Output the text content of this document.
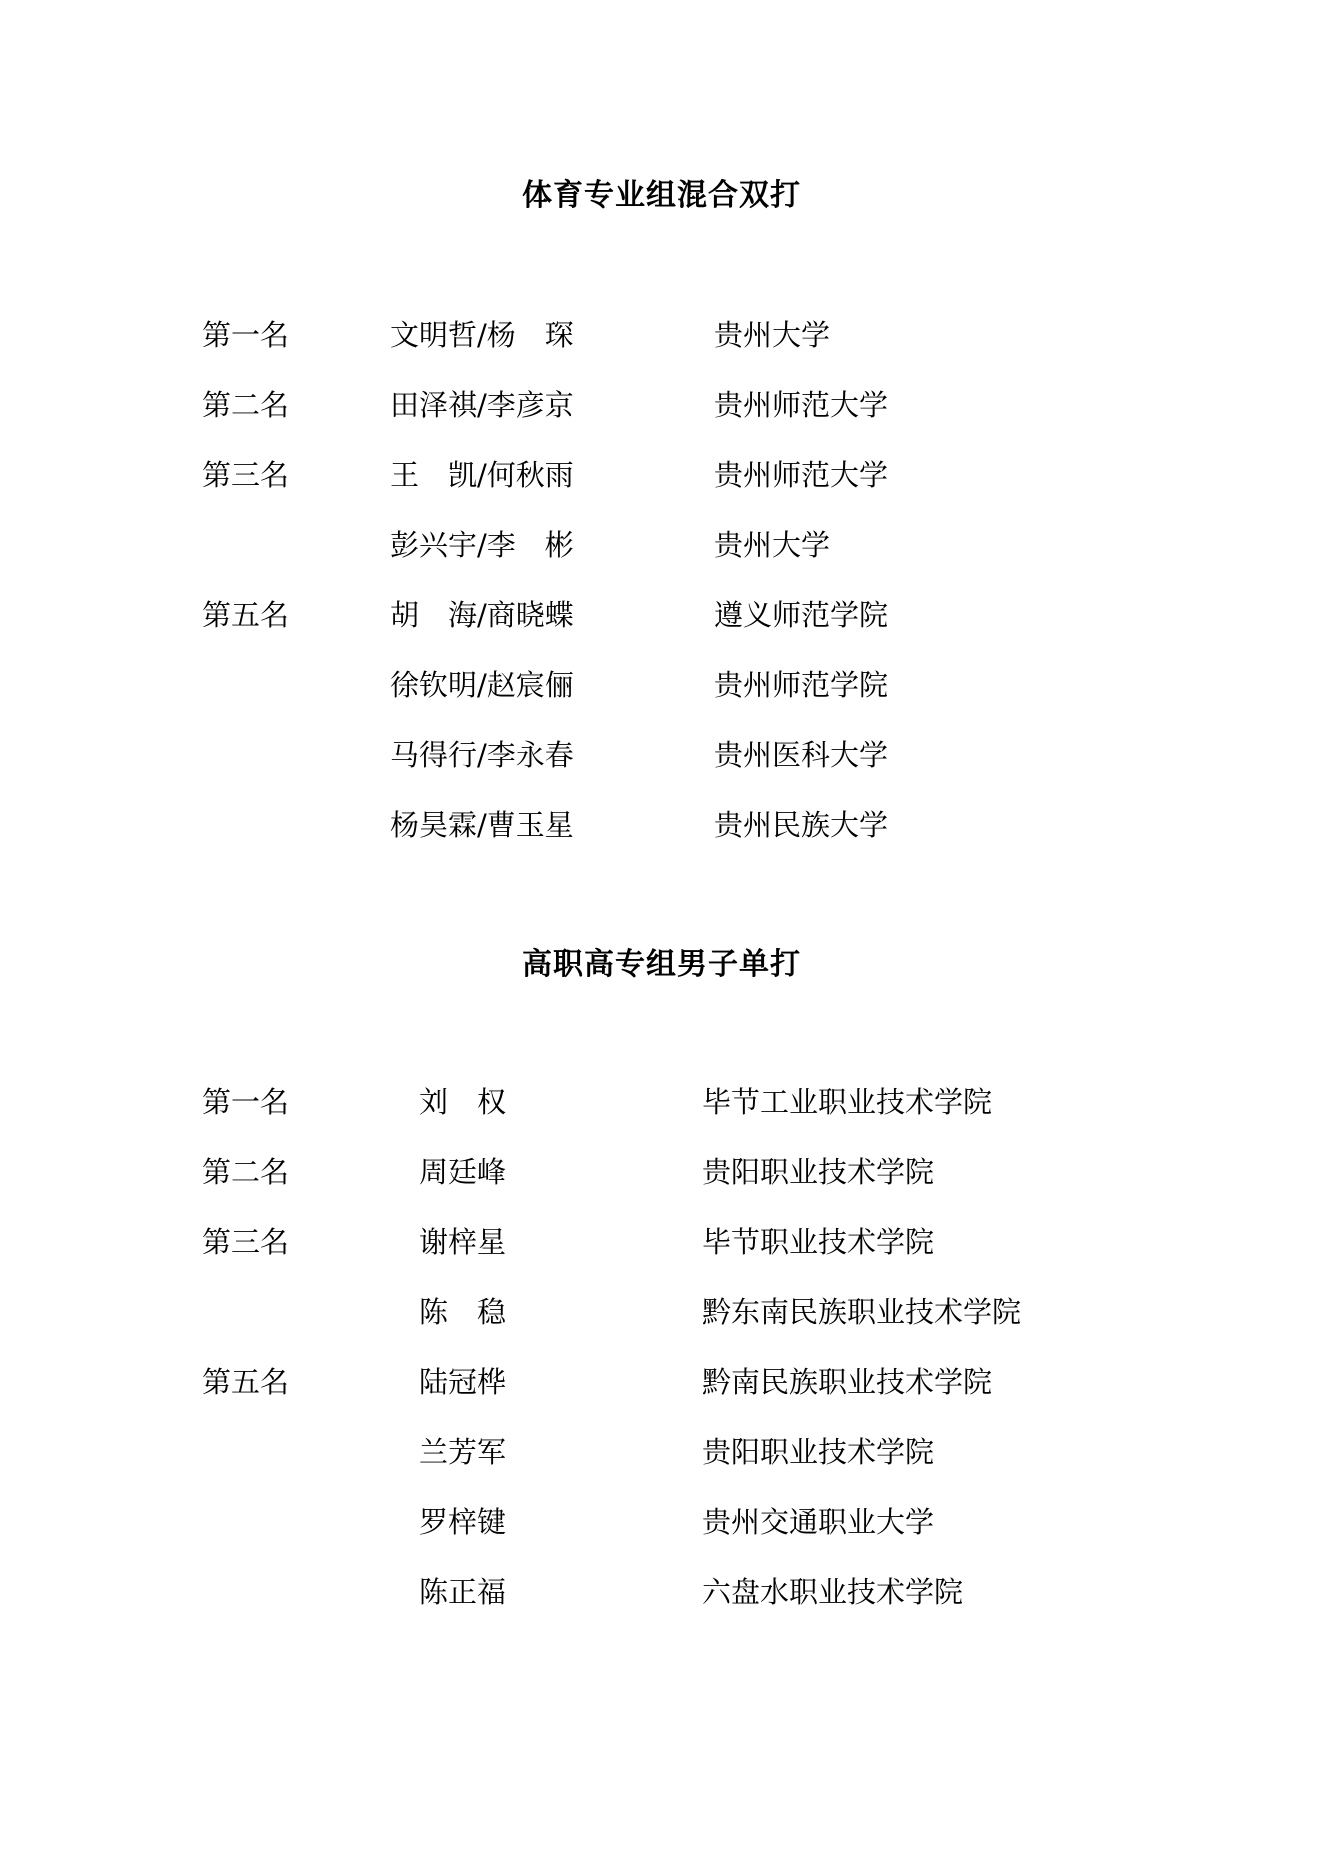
体育专业组混合双打
第一名	文明哲/杨　琛	贵州大学
第二名	田泽祺/李彦京	贵州师范大学
第三名	王　凯/何秋雨	贵州师范大学
彭兴宇/李　彬	贵州大学
第五名	胡　海/商晓蝶	遵义师范学院
徐钦明/赵宸俪	贵州师范学院
马得行/李永春	贵州医科大学
杨昊霖/曹玉星	贵州民族大学
高职高专组男子单打
第一名	刘　权	毕节工业职业技术学院
第二名	周廷峰	贵阳职业技术学院
第三名	谢梓星	毕节职业技术学院
陈　稳	黔东南民族职业技术学院
第五名	陆冠桦	黔南民族职业技术学院
兰芳军	贵阳职业技术学院
罗梓键	贵州交通职业大学
陈正福	六盘水职业技术学院
